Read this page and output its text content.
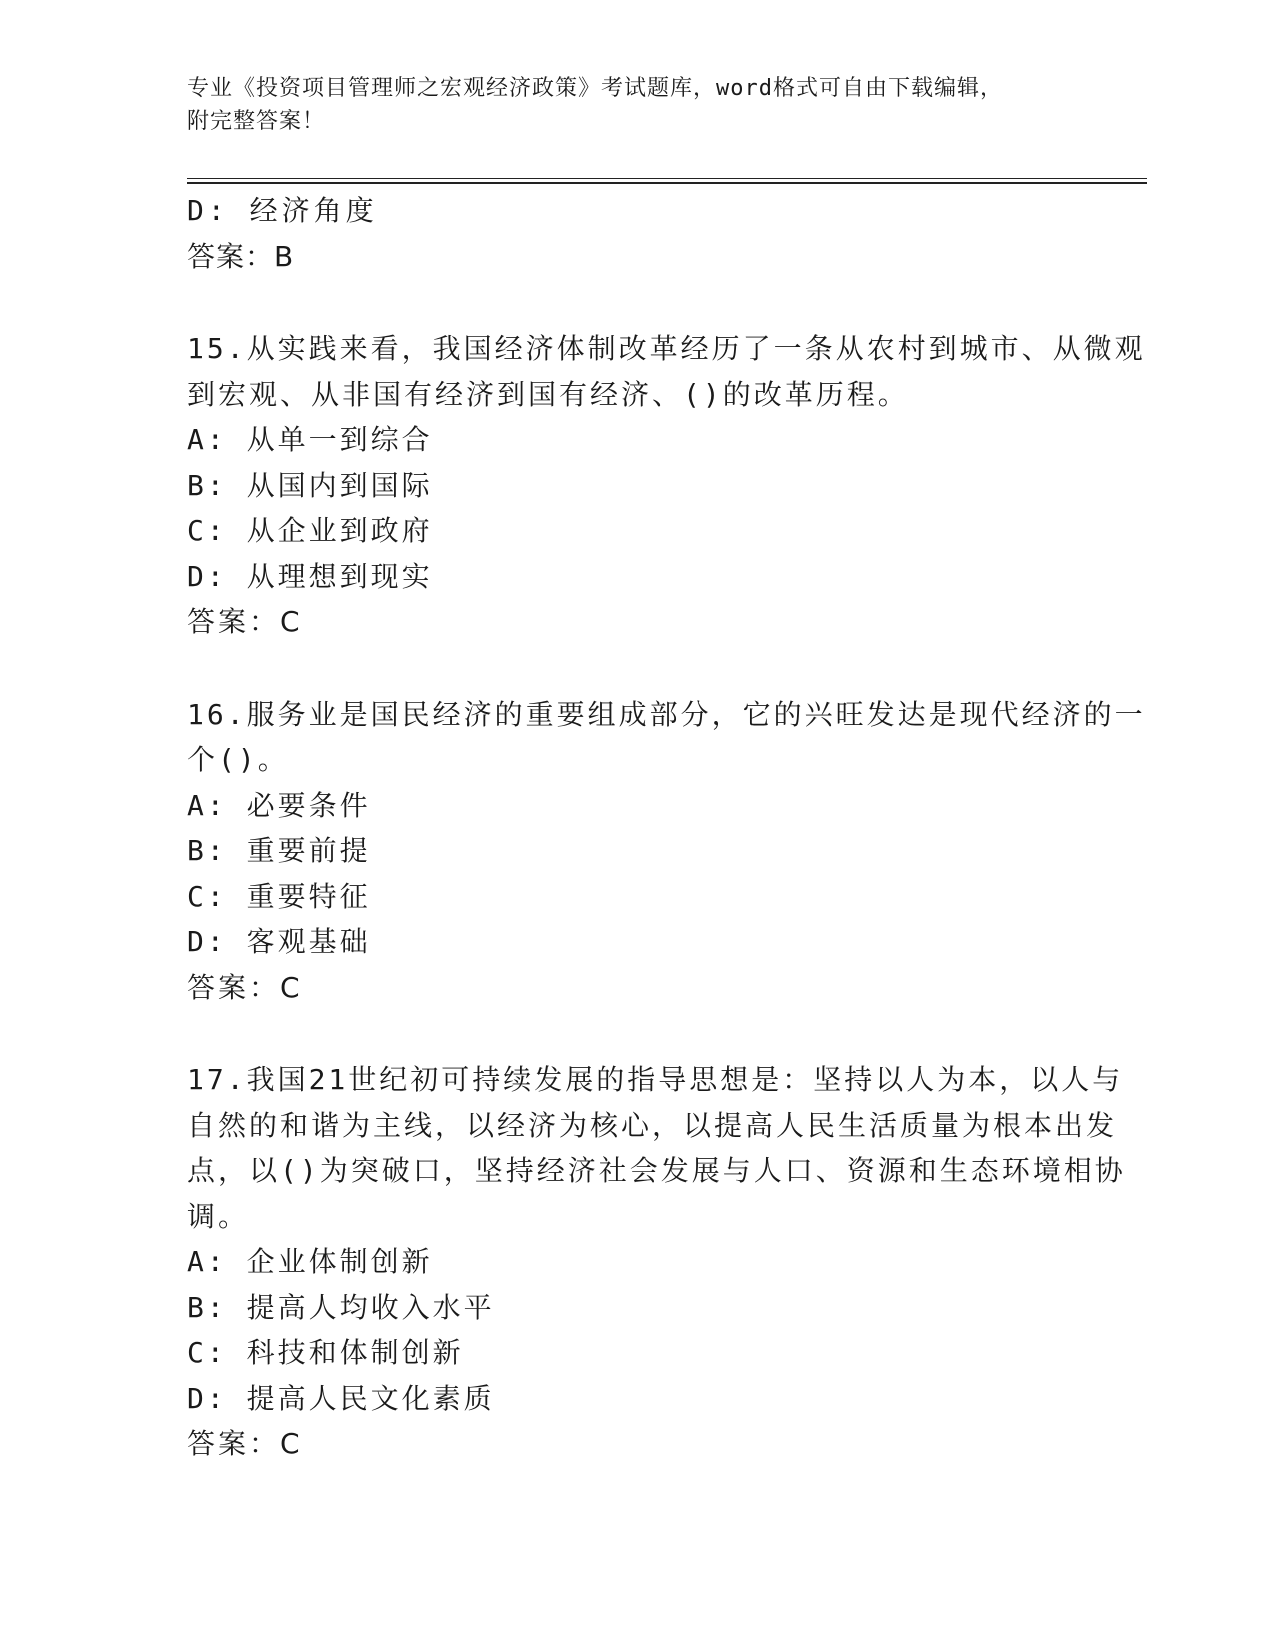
专业《投资项目管理师之宏观经济政策》考试题库，word格式可自由下载编辑，
附完整答案！
D: 经济角度
答案：B
15.从实践来看，我国经济体制改革经历了一条从农村到城市、从微观
到宏观、从非国有经济到国有经济、()的改革历程。
A: 从单一到综合
B: 从国内到国际
C: 从企业到政府
D: 从理想到现实
答案：C
16.服务业是国民经济的重要组成部分，它的兴旺发达是现代经济的一
个()。
A: 必要条件
B: 重要前提
C: 重要特征
D: 客观基础
答案：C
17.我国21世纪初可持续发展的指导思想是：坚持以人为本，以人与
自然的和谐为主线，以经济为核心，以提高人民生活质量为根本出发
点，以()为突破口，坚持经济社会发展与人口、资源和生态环境相协
调。
A: 企业体制创新
B: 提高人均收入水平
C: 科技和体制创新
D: 提高人民文化素质
答案：C
